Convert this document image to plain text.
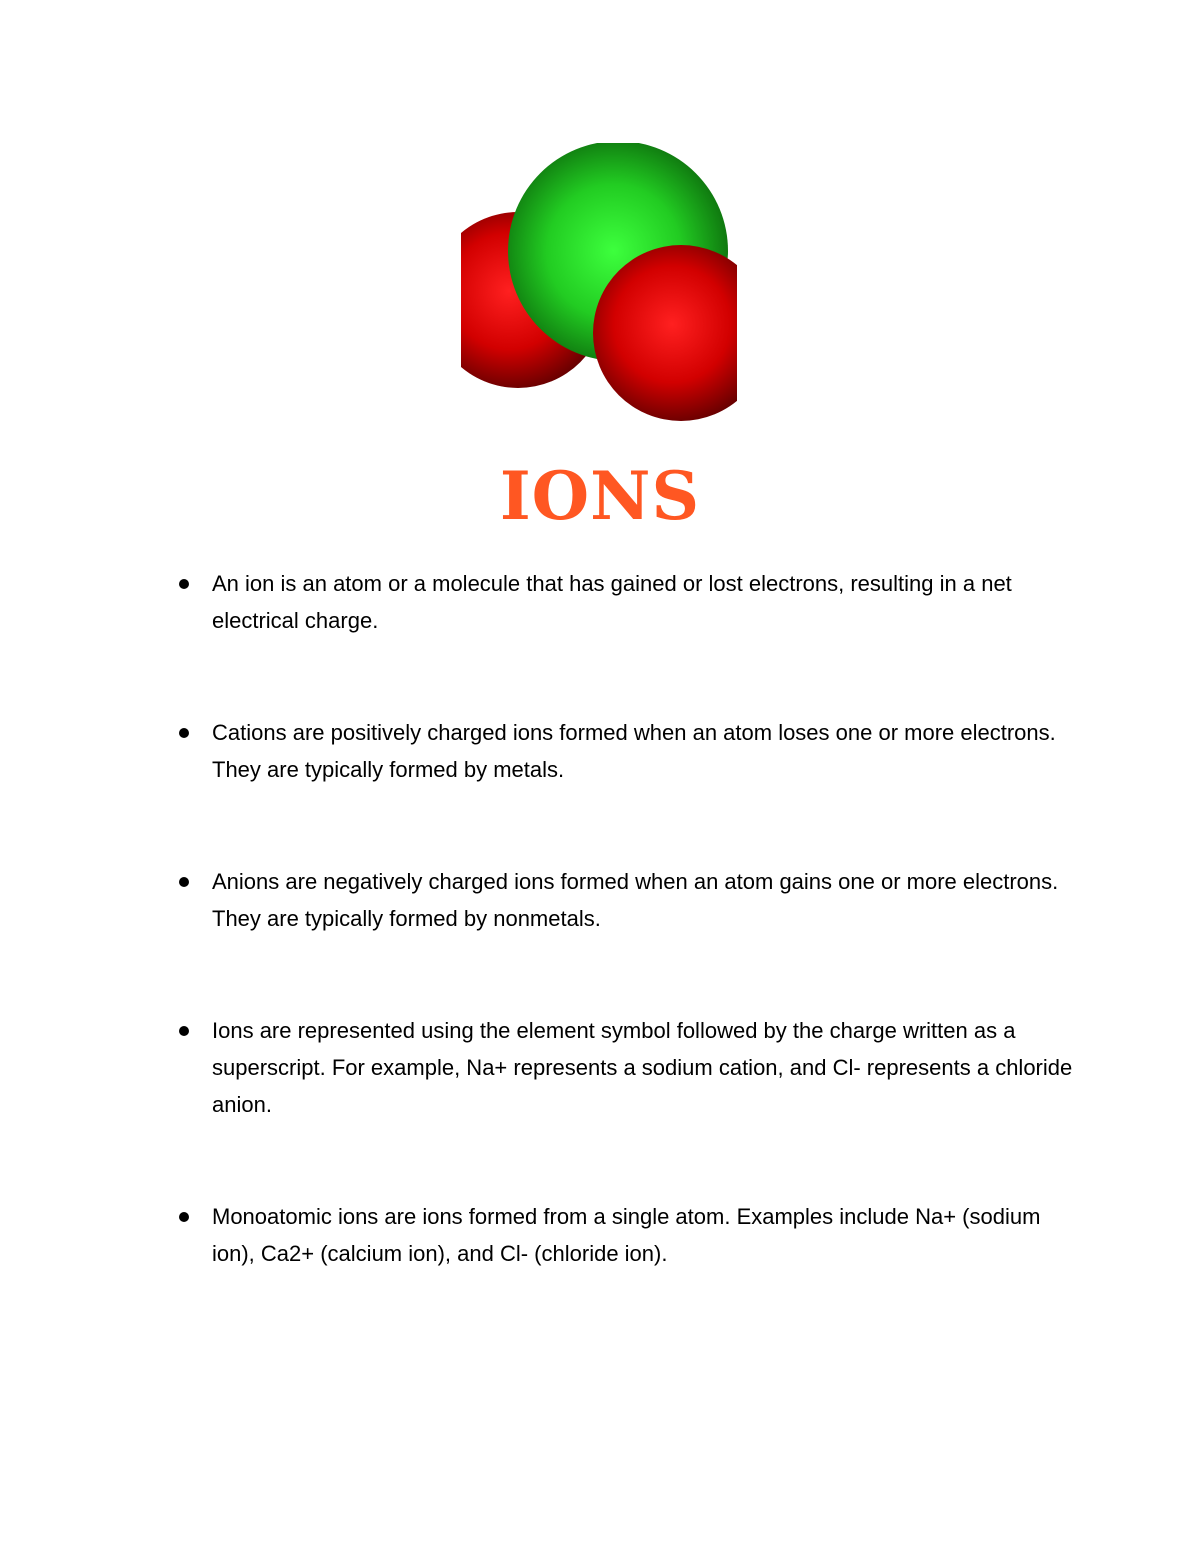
IONS
An ion is an atom or a molecule that has gained or lost electrons, resulting in a net electrical charge.
Cations are positively charged ions formed when an atom loses one or more electrons. They are typically formed by metals.
Anions are negatively charged ions formed when an atom gains one or more electrons. They are typically formed by nonmetals.
Ions are represented using the element symbol followed by the charge written as a superscript. For example, Na+ represents a sodium cation, and Cl- represents a chloride anion.
Monoatomic ions are ions formed from a single atom. Examples include Na+ (sodium ion), Ca2+ (calcium ion), and Cl- (chloride ion).
